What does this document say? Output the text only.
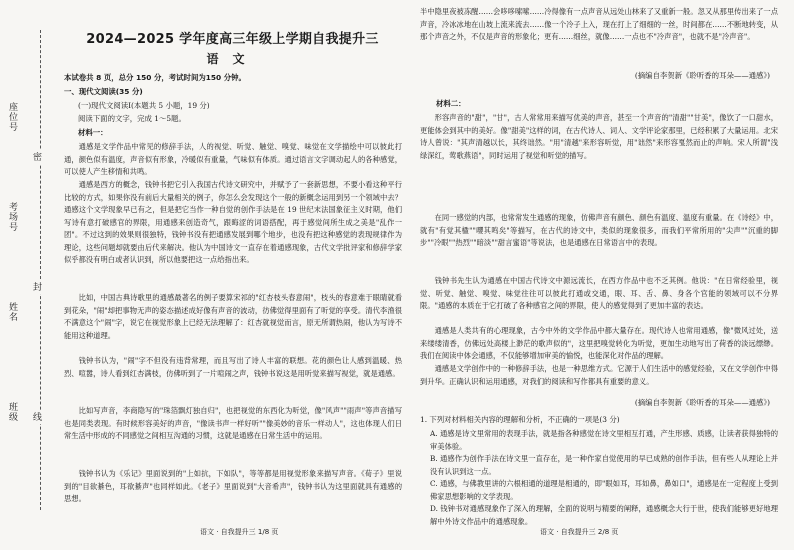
密
封
线
座位号
考场号
姓名
班级
2024—2025 学年度高三年级上学期自我提升三
语文
本试卷共 8 页，总分 150 分，考试时间为150 分钟。
一、现代文阅读(35 分)
(一)现代文阅读Ⅰ(本题共 5 小题，19 分)
阅读下面的文字，完成 1～5题。
材料一：
通感是文学作品中常见的修辞手法，人的视觉、听觉、触觉、嗅觉、味觉在文学描绘中可以彼此打通，颜色似有温度，声音似有形象，冷暖似有重量，气味似有体质。通过语言文字调动起人的各种感觉，可以使人产生移情和共鸣。
通感是西方的概念，钱钟书把它引入我国古代诗文研究中，并赋予了一套新思想，不要小看这种平行比较的方式，如果你没有前后大量相关的例子，你怎么会发现这个一般的新概念运用到另一个领域中去？通感这个文学现象早已有之，但是把它当作一种自觉的创作手法是在 19 世纪末法国象征主义时期，他们写诗有意打破感官的界限，用通感来创造奇气，跟晦涩的词语搭配，再于感觉间所生成之美是"乱作一团"。不过这到的效果则很独特，钱钟书没有把通感发展到哪个地步，也没有把这种感觉的表现规律作为理论，这些问题却就要由后代来解决。他认为中国诗文一直存在着通感现象，古代文学批评家和修辞学家似乎都没有明白或者认识到，所以他要把这一点给指出来。
比如，中国古典诗歌里的通感最著名的例子要算宋祁的"红杏枝头春意闹"，枝头的春意难于眼睛就看到花朵，"闹"却把事物无声的姿态描述成好像有声音的波动，彷佛觉得里面有了听觉的享受。清代李渔很不满意这个"闹"字，说它在视觉形象上已经无法理解了：红杏就视觉而言，原无所谓热闹，他认为写诗不能用这种道理。
钱钟书认为，"闹"字不但没有违背常理，而且写出了诗人丰富的联想。花的颜色让人感到温暖、热烈、喧嚣，诗人看到红杏满枝，仿佛听到了一片喧闹之声，钱钟书说这是用听觉来描写视觉，就是通感。
比如写声音，李商隐写的"珠箔飘灯独自归"，也把视觉的东西化为听觉，像"风声""雨声"等声音描写也是同类表现。有时候形容美好的声音，"像读书声一样好听""像美妙的音乐一样动人"，这也体现人们日常生活中形成的不同感觉之间相互沟通的习惯，这就是通感在日常生活中的运用。
钱钟书认为《乐记》里面说到的"上如抗，下如队"，等等都是用视觉形象来描写声音。《荀子》里说到的"目欲綦色，耳欲綦声"也同样如此。《老子》里面说到"大音希声"，钱钟书认为这里面就具有通感的思想。
语文 · 自我提升三 1/8 页
半中隐里夜被冻醒……会哆哆嗦嗦……冷得像有一点声音从远处山林来了又重新一般。忽又从那里传出来了一点声音，冷冰冰地在山坡上流来流去……像一个冷子上入，现在打上了细细的一丝，时间都在……不断地转变，从那个声音之外，不仅是声音的形象化；更有……细丝，就像……一点也不"冷声音"，也就不是"冷声音"。
(摘编自李贺新《聆听香的耳朵——通感》)
材料二：
形容声音的"甜"，"甘"，古人常常用来描写优美的声音，甚至一个声音的"清甜""甘美"，像饮了一口甜水，更能体会到其中的美好。像"甜美"这样的词，在古代诗人、词人、文学评论家那里，已经积累了大量运用。北宋诗人曾说："其声清越以长，其终诎然。"用"清越"来形容听觉，用"诎然"来形容戛然而止的声响。宋人所谓"浅绿深红，莺歌燕语"，同时运用了视觉和听觉的描写。
在同一感觉的内部，也常常发生通感的现象，仿佛声音有颜色、颜色有温度、温度有重量。在《诗经》中，就有"有觉其楹""嚶其鸣矣"等描写，在古代的诗文中，类似的现象很多，而我们平常所用的"尖声""沉重的脚步""冷眼""热烈""暗淡""甜言蜜语"等说法，也是通感在日常语言中的表现。
钱钟书先生认为通感在中国古代诗文中源远流长，在西方作品中也不乏其例。他说："在日常经验里，视觉、听觉、触觉、嗅觉、味觉往往可以彼此打通或交通，眼、耳、舌、鼻、身各个官能的领域可以不分界限。"通感的本质在于它打破了各种感官之间的界限，使人的感觉得到了更加丰富的表达。
通感是人类共有的心理现象，古今中外的文学作品中都大量存在。现代诗人也常用通感，像"微风过处，送来缕缕清香，仿佛远处高楼上渺茫的歌声似的"，这里把嗅觉转化为听觉，更加生动地写出了荷香的淡远缥缈。我们在阅读中体会通感，不仅能够增加审美的愉悦，也能深化对作品的理解。
通感是文学创作中的一种修辞手法，也是一种思维方式。它源于人们生活中的感觉经验，又在文学创作中得到升华。正确认识和运用通感，对我们的阅读和写作都具有重要的意义。
(摘编自李贺新《聆听香的耳朵——通感》)
1. 下列对材料相关内容的理解和分析，不正确的一项是(3 分)
A. 通感是诗文里常用的表现手法，就是指各种感觉在诗文里相互打通，产生形感、质感，让读者获得独特的审美体验。
B. 通感作为创作手法在诗文里一直存在，是一种作家自觉使用的早已成熟的创作手法，但有些人从理论上并没有认识到这一点。
C. 通感，与佛教里讲的六根相通的道理是相通的，即"眼如耳，耳如鼻，鼻如口"，通感是在一定程度上受到佛家思想影响的文学表现。
D. 钱钟书对通感现象作了深入的理解，全面的说明与精要的阐释，通感概念大行于世，使我们能够更好地理解中外诗文作品中的通感现象。
语文 · 自我提升三 2/8 页
